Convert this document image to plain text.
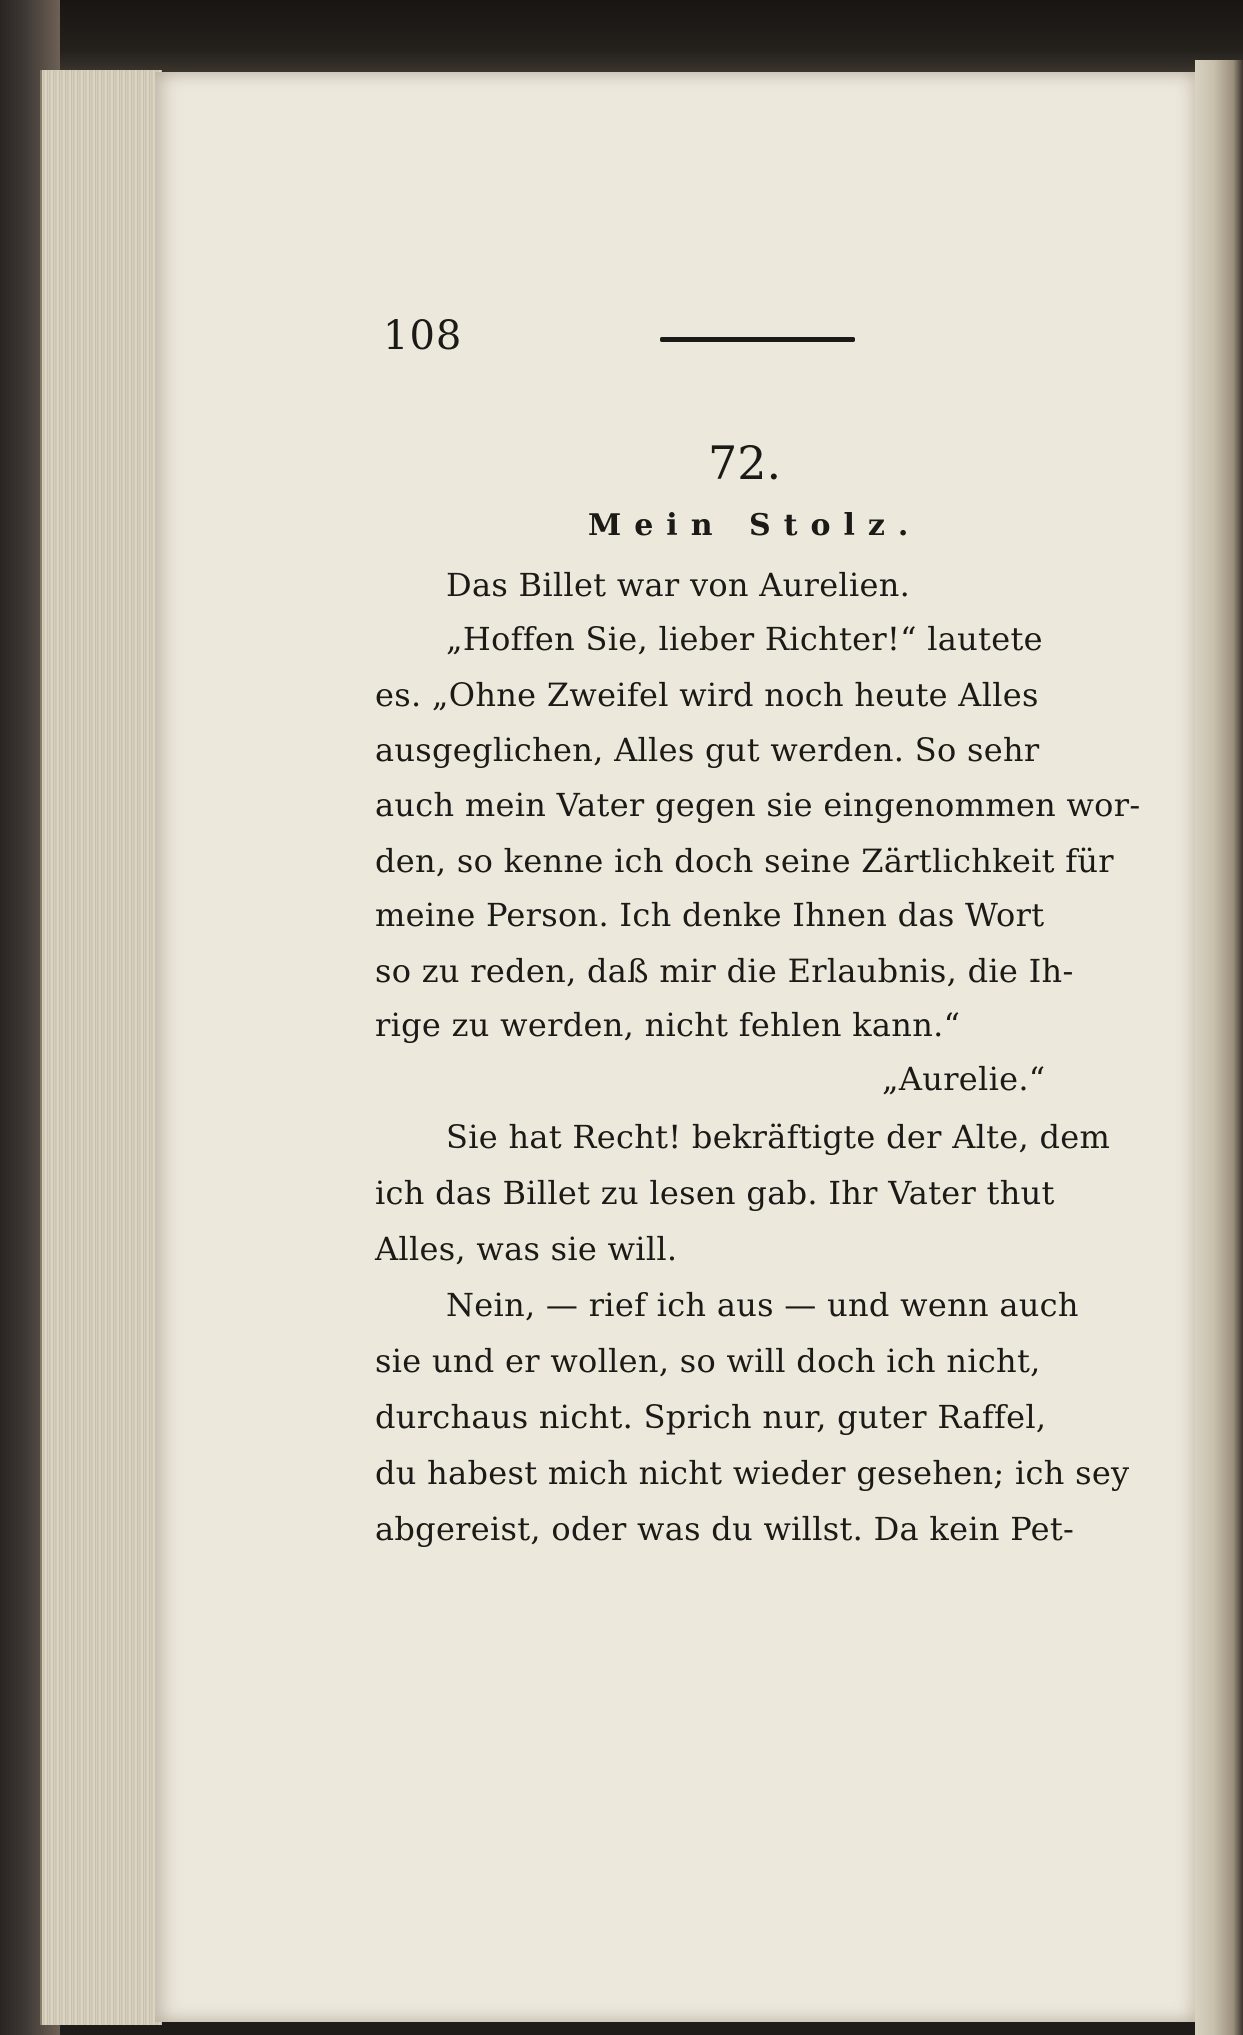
108
72.
Mein Stolz.
Das Billet war von Aurelien.
„Hoffen Sie, lieber Richter!“ lautete
es. „Ohne Zweifel wird noch heute Alles
ausgeglichen, Alles gut werden. So sehr
auch mein Vater gegen sie eingenommen wor-
den, so kenne ich doch seine Zärtlichkeit für
meine Person. Ich denke Ihnen das Wort
so zu reden, daß mir die Erlaubnis, die Ih-
rige zu werden, nicht fehlen kann.“
„Aurelie.“
Sie hat Recht! bekräftigte der Alte, dem
ich das Billet zu lesen gab. Ihr Vater thut
Alles, was sie will.
Nein, — rief ich aus — und wenn auch
sie und er wollen, so will doch ich nicht,
durchaus nicht. Sprich nur, guter Raffel,
du habest mich nicht wieder gesehen; ich sey
abgereist, oder was du willst. Da kein Pet-
